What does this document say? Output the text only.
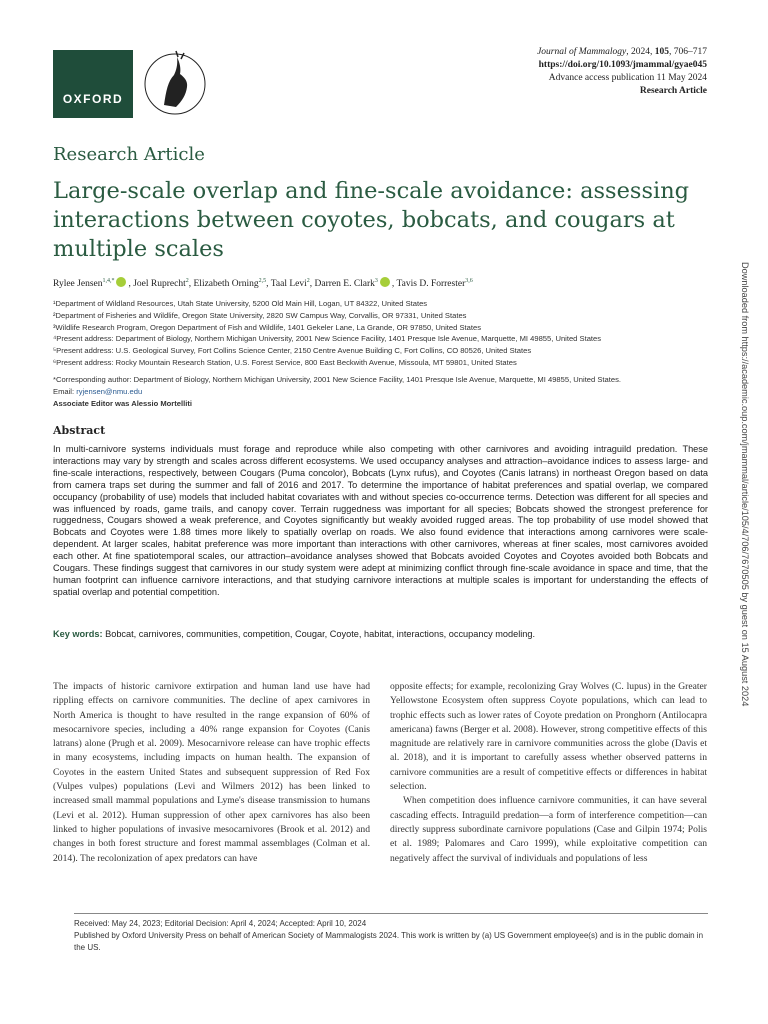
OXFORD
Journal of Mammalogy, 2024, 105, 706–717
https://doi.org/10.1093/jmammal/gyae045
Advance access publication 11 May 2024
Research Article
Research Article
Large-scale overlap and fine-scale avoidance: assessing interactions between coyotes, bobcats, and cougars at multiple scales
Rylee Jensen$^{1,4,*}$ , Joel Ruprecht$^2$, Elizabeth Orning$^{2,5}$, Taal Levi$^2$, Darren E. Clark$^3$ , Tavis D. Forrester$^{3,6}$
¹Department of Wildland Resources, Utah State University, 5200 Old Main Hill, Logan, UT 84322, United States
²Department of Fisheries and Wildlife, Oregon State University, 2820 SW Campus Way, Corvallis, OR 97331, United States
³Wildlife Research Program, Oregon Department of Fish and Wildlife, 1401 Gekeler Lane, La Grande, OR 97850, United States
⁴Present address: Department of Biology, Northern Michigan University, 2001 New Science Facility, 1401 Presque Isle Avenue, Marquette, MI 49855, United States
⁵Present address: U.S. Geological Survey, Fort Collins Science Center, 2150 Centre Avenue Building C, Fort Collins, CO 80526, United States
⁶Present address: Rocky Mountain Research Station, U.S. Forest Service, 800 East Beckwith Avenue, Missoula, MT 59801, United States
*Corresponding author: Department of Biology, Northern Michigan University, 2001 New Science Facility, 1401 Presque Isle Avenue, Marquette, MI 49855, United States.
Email: ryjensen@nmu.edu
Associate Editor was Alessio Mortelliti
Abstract
In multi-carnivore systems individuals must forage and reproduce while also competing with other carnivores and avoiding intraguild predation. These interactions may vary by strength and scales across different ecosystems. We used occupancy analyses and attraction–avoidance indices to assess large- and fine-scale interactions, respectively, between Cougars (Puma concolor), Bobcats (Lynx rufus), and Coyotes (Canis latrans) in northeast Oregon based on data from camera traps set during the summer and fall of 2016 and 2017. To determine the importance of habitat preferences and spatial overlap, we compared occupancy (probability of use) models that included habitat covariates with and without species co-occurrence terms. Detection was different for all species and was influenced by roads, game trails, and canopy cover. Terrain ruggedness was important for all species; Bobcats showed the strongest preference for ruggedness, Cougars showed a weak preference, and Coyotes significantly but weakly avoided rugged areas. The top probability of use model showed that Bobcats and Coyotes were 1.88 times more likely to spatially overlap on roads. We also found evidence that interactions among carnivores were scale-dependent. At larger scales, habitat preference was more important than interactions with other carnivores, whereas at finer scales, most carnivores avoided each other. At fine spatiotemporal scales, our attraction–avoidance analyses showed that Bobcats avoided Coyotes and Coyotes avoided both Bobcats and Cougars. These findings suggest that carnivores in our study system were adept at minimizing conflict through fine-scale avoidance in space and time, that the human footprint can influence carnivore interactions, and that studying carnivore interactions at multiple scales is important for understanding the effects of spatial overlap and potential competition.
Key words: Bobcat, carnivores, communities, competition, Cougar, Coyote, habitat, interactions, occupancy modeling.

The impacts of historic carnivore extirpation and human land use have had rippling effects on carnivore communities. The decline of apex carnivores in North America is thought to have resulted in the range expansion of 60% of mesocarnivore species, including a 40% range expansion for Coyotes (Canis latrans) alone (Prugh et al. 2009). Mesocarnivore release can have trophic effects in many ecosystems, including impacts on human health. The expansion of Coyotes in the eastern United States and subsequent suppression of Red Fox (Vulpes vulpes) populations (Levi and Wilmers 2012) has been linked to increased small mammal populations and Lyme's disease transmission to humans (Levi et al. 2012). Human suppression of other apex carnivores has also been linked to higher populations of invasive mesocarnivores (Brook et al. 2012) and changes in both forest structure and forest mammal assemblages (Colman et al. 2014). The recolonization of apex predators can have

opposite effects; for example, recolonizing Gray Wolves (C. lupus) in the Greater Yellowstone Ecosystem often suppress Coyote populations, which can lead to trophic effects such as lower rates of Coyote predation on Pronghorn (Antilocapra americana) fawns (Berger et al. 2008). However, strong competitive effects of this magnitude are relatively rare in carnivore communities across the globe (Davis et al. 2018), and it is important to carefully assess whether observed patterns in carnivore communities are a result of competitive effects or differences in habitat selection.

When competition does influence carnivore communities, it can have several cascading effects. Intraguild predation—a form of interference competition—can directly suppress subordinate carnivore populations (Case and Gilpin 1974; Polis et al. 1989; Palomares and Caro 1999), while exploitative competition can negatively affect the survival of individuals and populations of less

Received: May 24, 2023; Editorial Decision: April 4, 2024; Accepted: April 10, 2024
Published by Oxford University Press on behalf of American Society of Mammalogists 2024. This work is written by (a) US Government employee(s) and is in the public domain in the US.
Downloaded from https://academic.oup.com/jmammal/article/105/4/706/7670505 by guest on 15 August 2024
